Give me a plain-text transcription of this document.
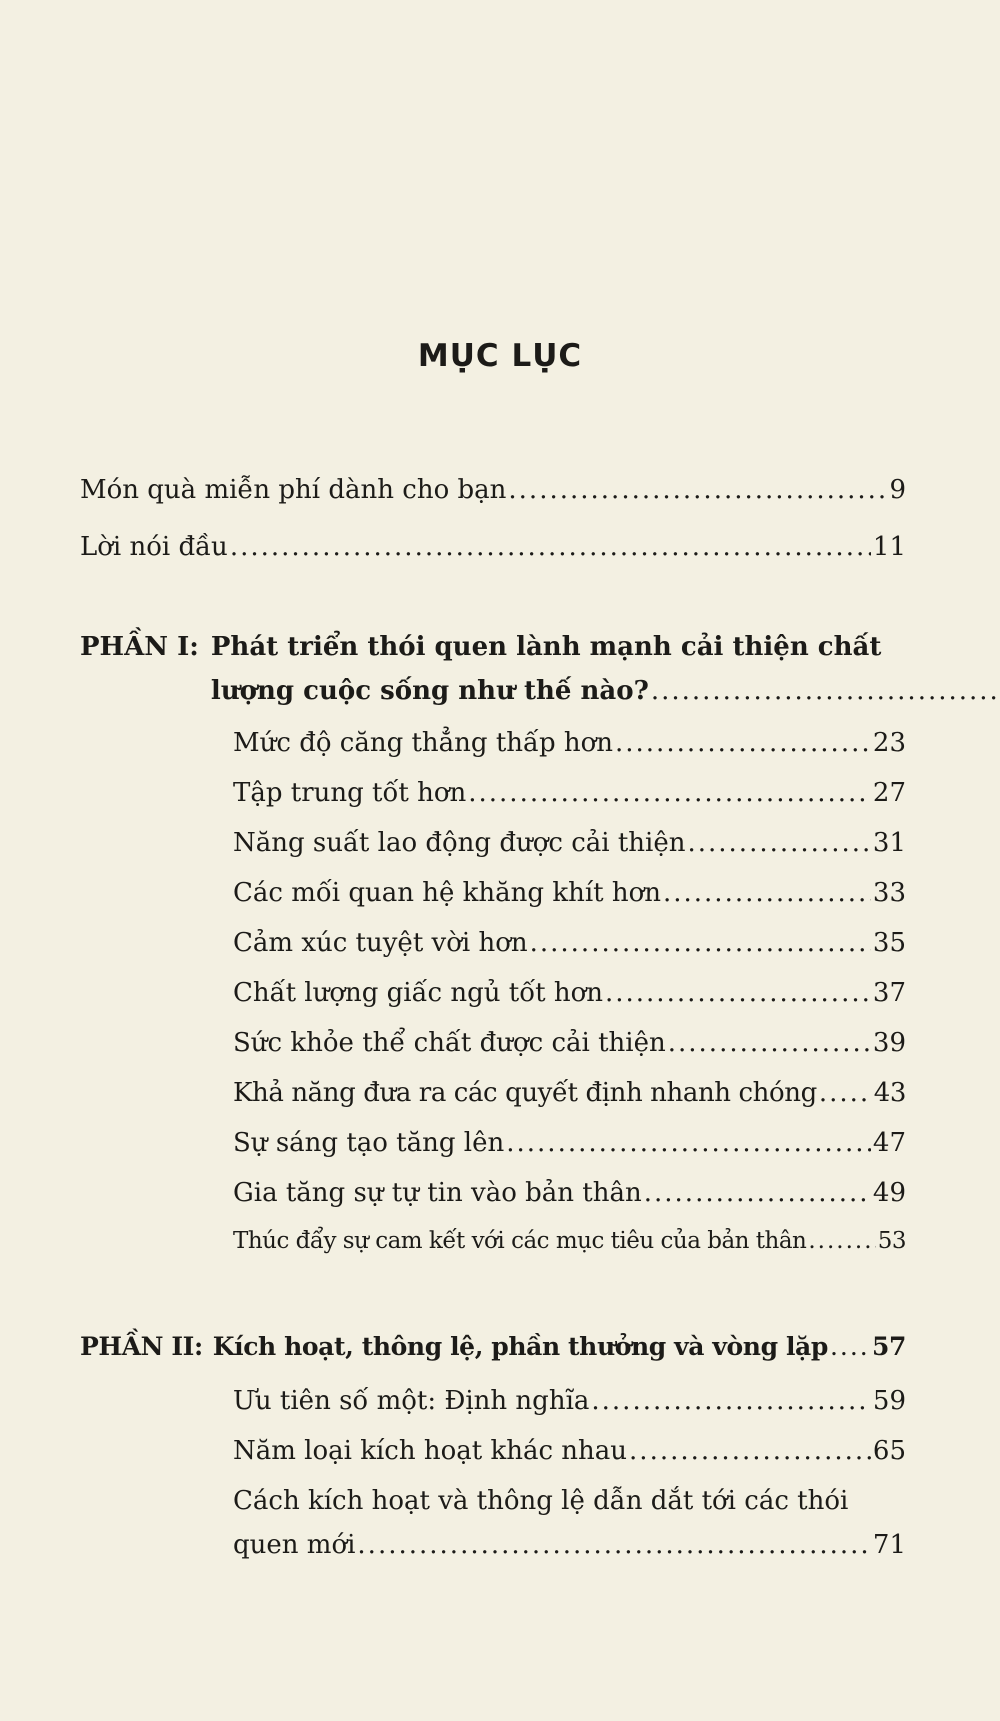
MỤC LỤC
Món quà miễn phí dành cho bạn .....	9
Lời nói đầu .....	11
PHẦN I: Phát triển thói quen lành mạnh cải thiện chất
lượng cuộc sống như thế nào?
.....
Mức độ căng thẳng thấp hơn .....	23
Tập trung tốt hơn .....	27
Năng suất lao động được cải thiện .....	31
Các mối quan hệ khăng khít hơn .....	33
Cảm xúc tuyệt vời hơn .....	35
Chất lượng giấc ngủ tốt hơn .....	37
Sức khỏe thể chất được cải thiện .....	39
Khả năng đưa ra các quyết định nhanh chóng ..... 43
Sự sáng tạo tăng lên .....	47
Gia tăng sự tự tin vào bản thân .....	49
Thúc đẩy sự cam kết với các mục tiêu của bản thân .....	53
PHẦN II: Kích hoạt, thông lệ, phần thưởng và vòng lặp ..... 57
Ưu tiên số một: Định nghĩa .....	59
Năm loại kích hoạt khác nhau .....	65
Cách kích hoạt và thông lệ dẫn dắt tới các thói
quen mới .....	71
